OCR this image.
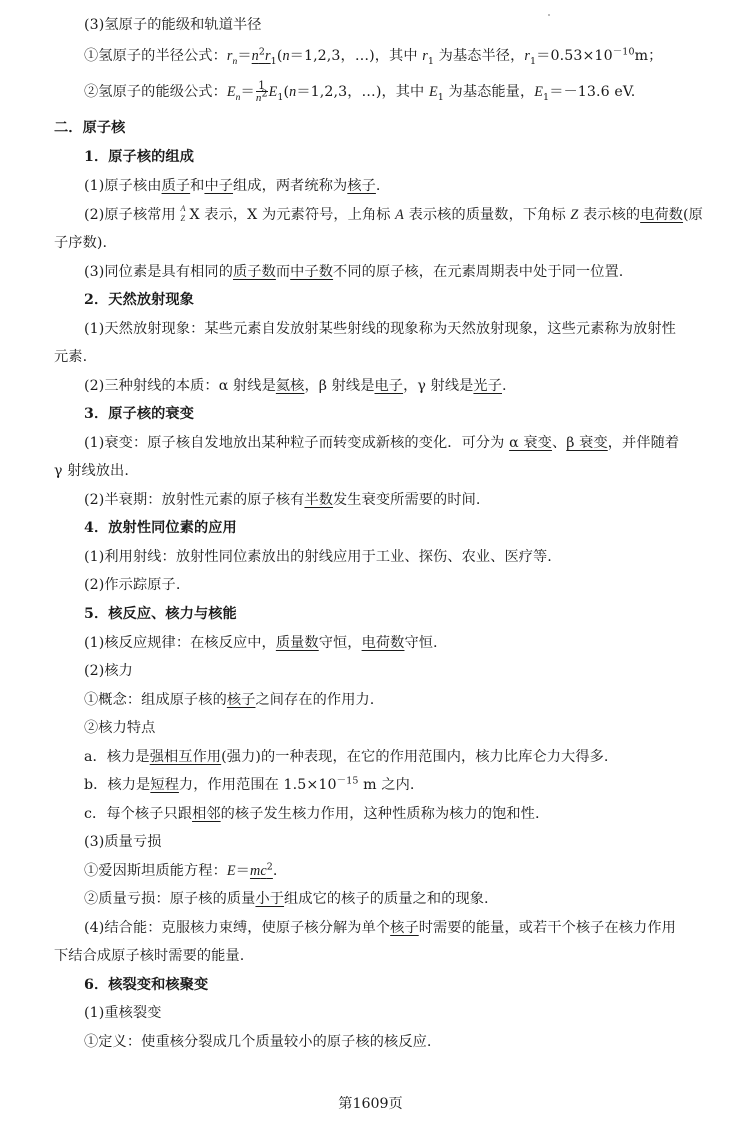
(3)氢原子的能级和轨道半径

①氢原子的半径公式：$r_n=n^2r_1(n=1,2,3$，…)，其中 $r_1$ 为基态半径，$r_1=0.53\times 10^{-10}m$；

②氢原子的能级公式：$E_n= \frac{1}{n^2} E_1(n=1,2,3$，…)，其中 $E_1$ 为基态能量，$E_1=-13.6$ eV.

二．原子核

1．原子核的组成

(1)原子核由质子和中子组成，两者统称为核子.

(2)原子核常用 A
Z X 表示，X 为元素符号，上角标 A 表示核的质量数，下角标 Z 表示核的电荷数(原

子序数).

(3)同位素是具有相同的质子数而中子数不同的原子核，在元素周期表中处于同一位置.

2．天然放射现象

(1)天然放射现象：某些元素自发放射某些射线的现象称为天然放射现象，这些元素称为放射性

元素.

(2)三种射线的本质：α 射线是氦核，β 射线是电子，γ 射线是光子.

3．原子核的衰变

(1)衰变：原子核自发地放出某种粒子而转变成新核的变化．可分为 α 衰变、β 衰变，并伴随着

γ 射线放出.

(2)半衰期：放射性元素的原子核有半数发生衰变所需要的时间.

4．放射性同位素的应用

(1)利用射线：放射性同位素放出的射线应用于工业、探伤、农业、医疗等.

(2)作示踪原子.

5．核反应、核力与核能

(1)核反应规律：在核反应中，质量数守恒，电荷数守恒.

(2)核力

①概念：组成原子核的核子之间存在的作用力.

②核力特点

a．核力是强相互作用(强力)的一种表现，在它的作用范围内，核力比库仑力大得多.

b．核力是短程力，作用范围在 $1.5\times 10^{-15}$ m 之内.

c．每个核子只跟相邻的核子发生核力作用，这种性质称为核力的饱和性.

(3)质量亏损

①爱因斯坦质能方程：$E=mc^2$.

②质量亏损：原子核的质量小于组成它的核子的质量之和的现象.

(4)结合能：克服核力束缚，使原子核分解为单个核子时需要的能量，或若干个核子在核力作用

下结合成原子核时需要的能量.

6．核裂变和核聚变

(1)重核裂变

①定义：使重核分裂成几个质量较小的原子核的核反应.

第1609页
